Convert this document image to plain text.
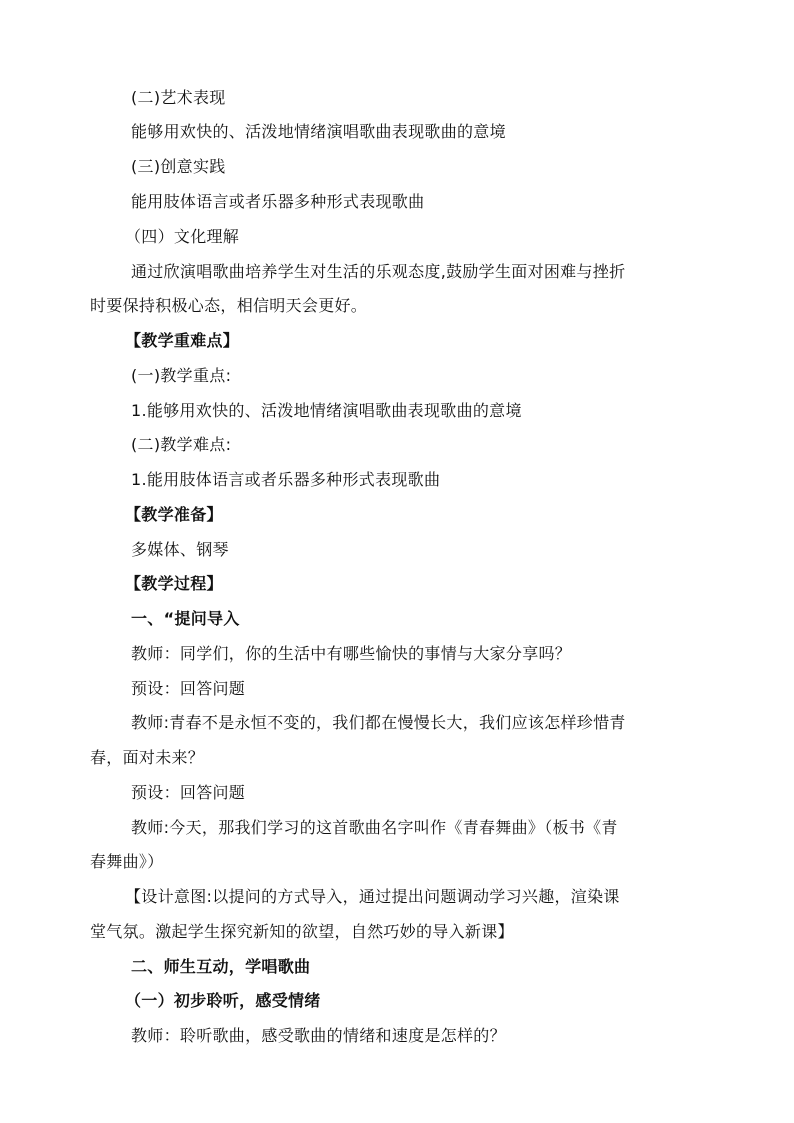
(二)艺术表现
能够用欢快的、活泼地情绪演唱歌曲表现歌曲的意境
(三)创意实践
能用肢体语言或者乐器多种形式表现歌曲
（四）文化理解
通过欣演唱歌曲培养学生对生活的乐观态度,鼓励学生面对困难与挫折
时要保持积极心态，相信明天会更好。
【教学重难点】
(一)教学重点:
1.能够用欢快的、活泼地情绪演唱歌曲表现歌曲的意境
(二)教学难点:
1.能用肢体语言或者乐器多种形式表现歌曲
【教学准备】
多媒体、钢琴
【教学过程】
一、“提问导入
教师：同学们，你的生活中有哪些愉快的事情与大家分享吗？
预设：回答问题
教师:青春不是永恒不变的，我们都在慢慢长大，我们应该怎样珍惜青
春，面对未来？
预设：回答问题
教师:今天，那我们学习的这首歌曲名字叫作《青春舞曲》（板书《青
春舞曲》）
【设计意图:以提问的方式导入，通过提出问题调动学习兴趣，渲染课
堂气氛。激起学生探究新知的欲望，自然巧妙的导入新课】
二、师生互动，学唱歌曲
（一）初步聆听，感受情绪
教师：聆听歌曲，感受歌曲的情绪和速度是怎样的？
